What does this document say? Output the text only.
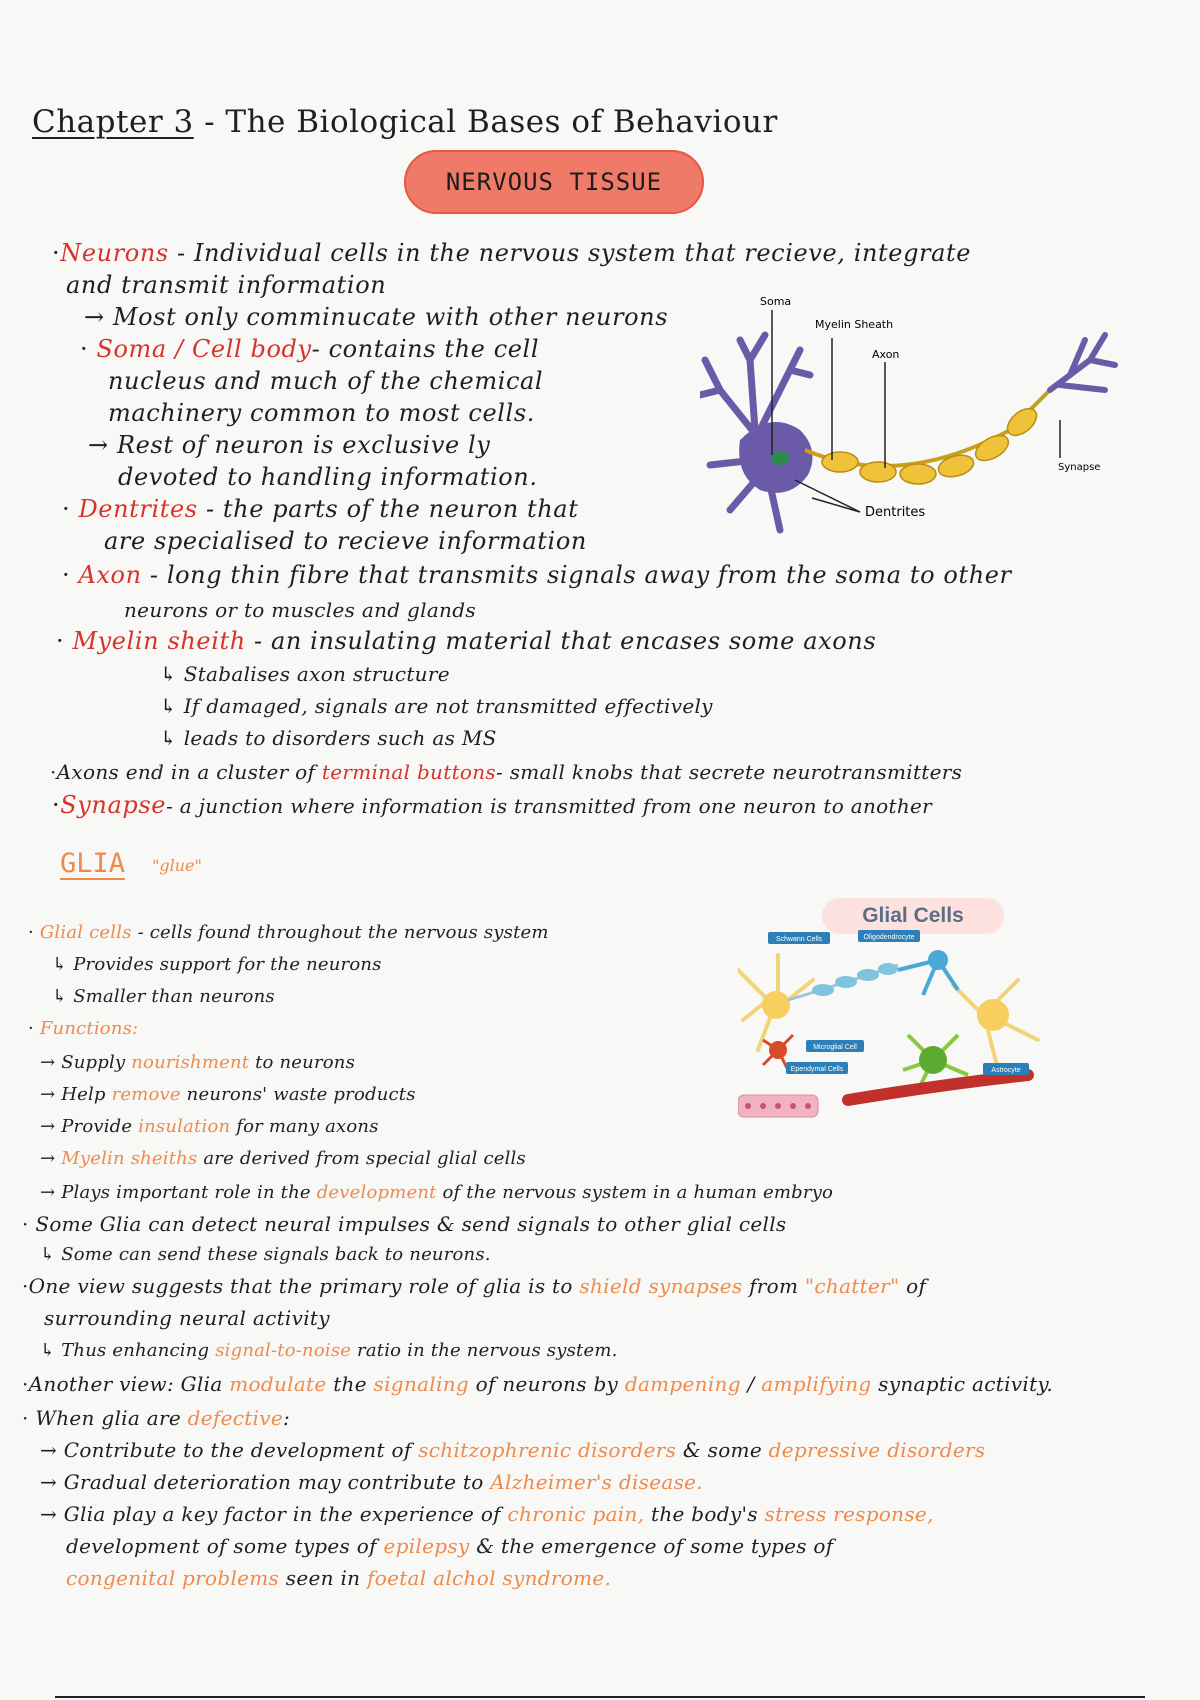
Chapter 3 - The Biological Bases of Behaviour
NERVOUS TISSUE
·Neurons - Individual cells in the nervous system that recieve, integrate
and transmit information
→ Most only comminucate with other neurons
· Soma / Cell body- contains the cell
nucleus and much of the chemical
machinery common to most cells.
→ Rest of neuron is exclusive ly
devoted to handling information.
· Dentrites - the parts of the neuron that
are specialised to recieve information
· Axon - long thin fibre that transmits signals away from the soma to other
neurons or to muscles and glands
· Myelin sheith - an insulating material that encases some axons
↳ Stabalises axon structure
↳ If damaged, signals are not transmitted effectively
↳ leads to disorders such as MS
·Axons end in a cluster of terminal buttons- small knobs that secrete neurotransmitters
·Synapse- a junction where information is transmitted from one neuron to another
Soma
Myelin Sheath
Axon
Dentrites
Synapse
GLIA "glue"
· Glial cells - cells found throughout the nervous system
↳ Provides support for the neurons
↳ Smaller than neurons
· Functions:
→ Supply nourishment to neurons
→ Help remove neurons' waste products
→ Provide insulation for many axons
→ Myelin sheiths are derived from special glial cells
→ Plays important role in the development of the nervous system in a human embryo
· Some Glia can detect neural impulses & send signals to other glial cells
↳ Some can send these signals back to neurons.
·One view suggests that the primary role of glia is to shield synapses from "chatter" of
surrounding neural activity
↳ Thus enhancing signal-to-noise ratio in the nervous system.
·Another view: Glia modulate the signaling of neurons by dampening / amplifying synaptic activity.
· When glia are defective:
→ Contribute to the development of schitzophrenic disorders & some depressive disorders
→ Gradual deterioration may contribute to Alzheimer's disease.
→ Glia play a key factor in the experience of chronic pain, the body's stress response,
development of some types of epilepsy & the emergence of some types of
congenital problems seen in foetal alchol syndrome.
Glial Cells
Schwann Cells	Oligodendrocyte
Microglial Cell
Ependymal Cells	Astrocyte
